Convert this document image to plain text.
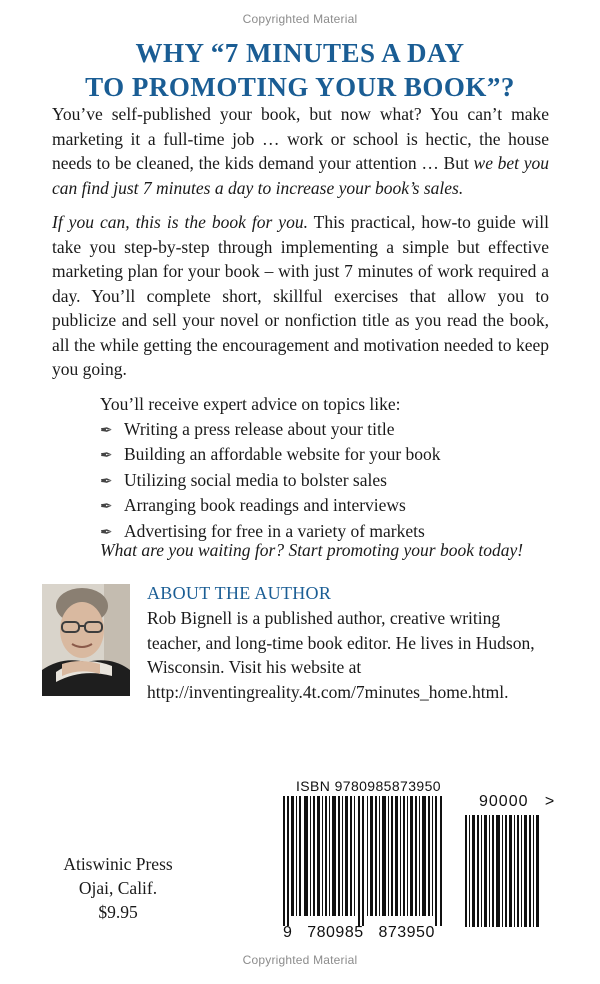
Copyrighted Material
WHY “7 MINUTES A DAY
TO PROMOTING YOUR BOOK”?
You’ve self-published your book, but now what? You can’t make marketing it a full-time job … work or school is hectic, the house needs to be cleaned, the kids demand your attention … But we bet you can find just 7 minutes a day to increase your book’s sales.
If you can, this is the book for you. This practical, how-to guide will take you step-by-step through implementing a simple but effective marketing plan for your book – with just 7 minutes of work required a day. You’ll complete short, skillful exercises that allow you to publicize and sell your novel or nonfiction title as you read the book, all the while getting the encouragement and motivation needed to keep you going.
You’ll receive expert advice on topics like:
✒ Writing a press release about your title
✒ Building an affordable website for your book
✒ Utilizing social media to bolster sales
✒ Arranging book readings and interviews
✒ Advertising for free in a variety of markets
What are you waiting for? Start promoting your book today!
ABOUT THE AUTHOR
Rob Bignell is a published author, creative writing teacher, and long-time book editor. He lives in Hudson, Wisconsin. Visit his website at http://inventingreality.4t.com/7minutes_home.html.
Atiswinic Press
Ojai, Calif.
$9.95
ISBN 9780985873950
9   780985   873950
90000   >
Copyrighted Material
